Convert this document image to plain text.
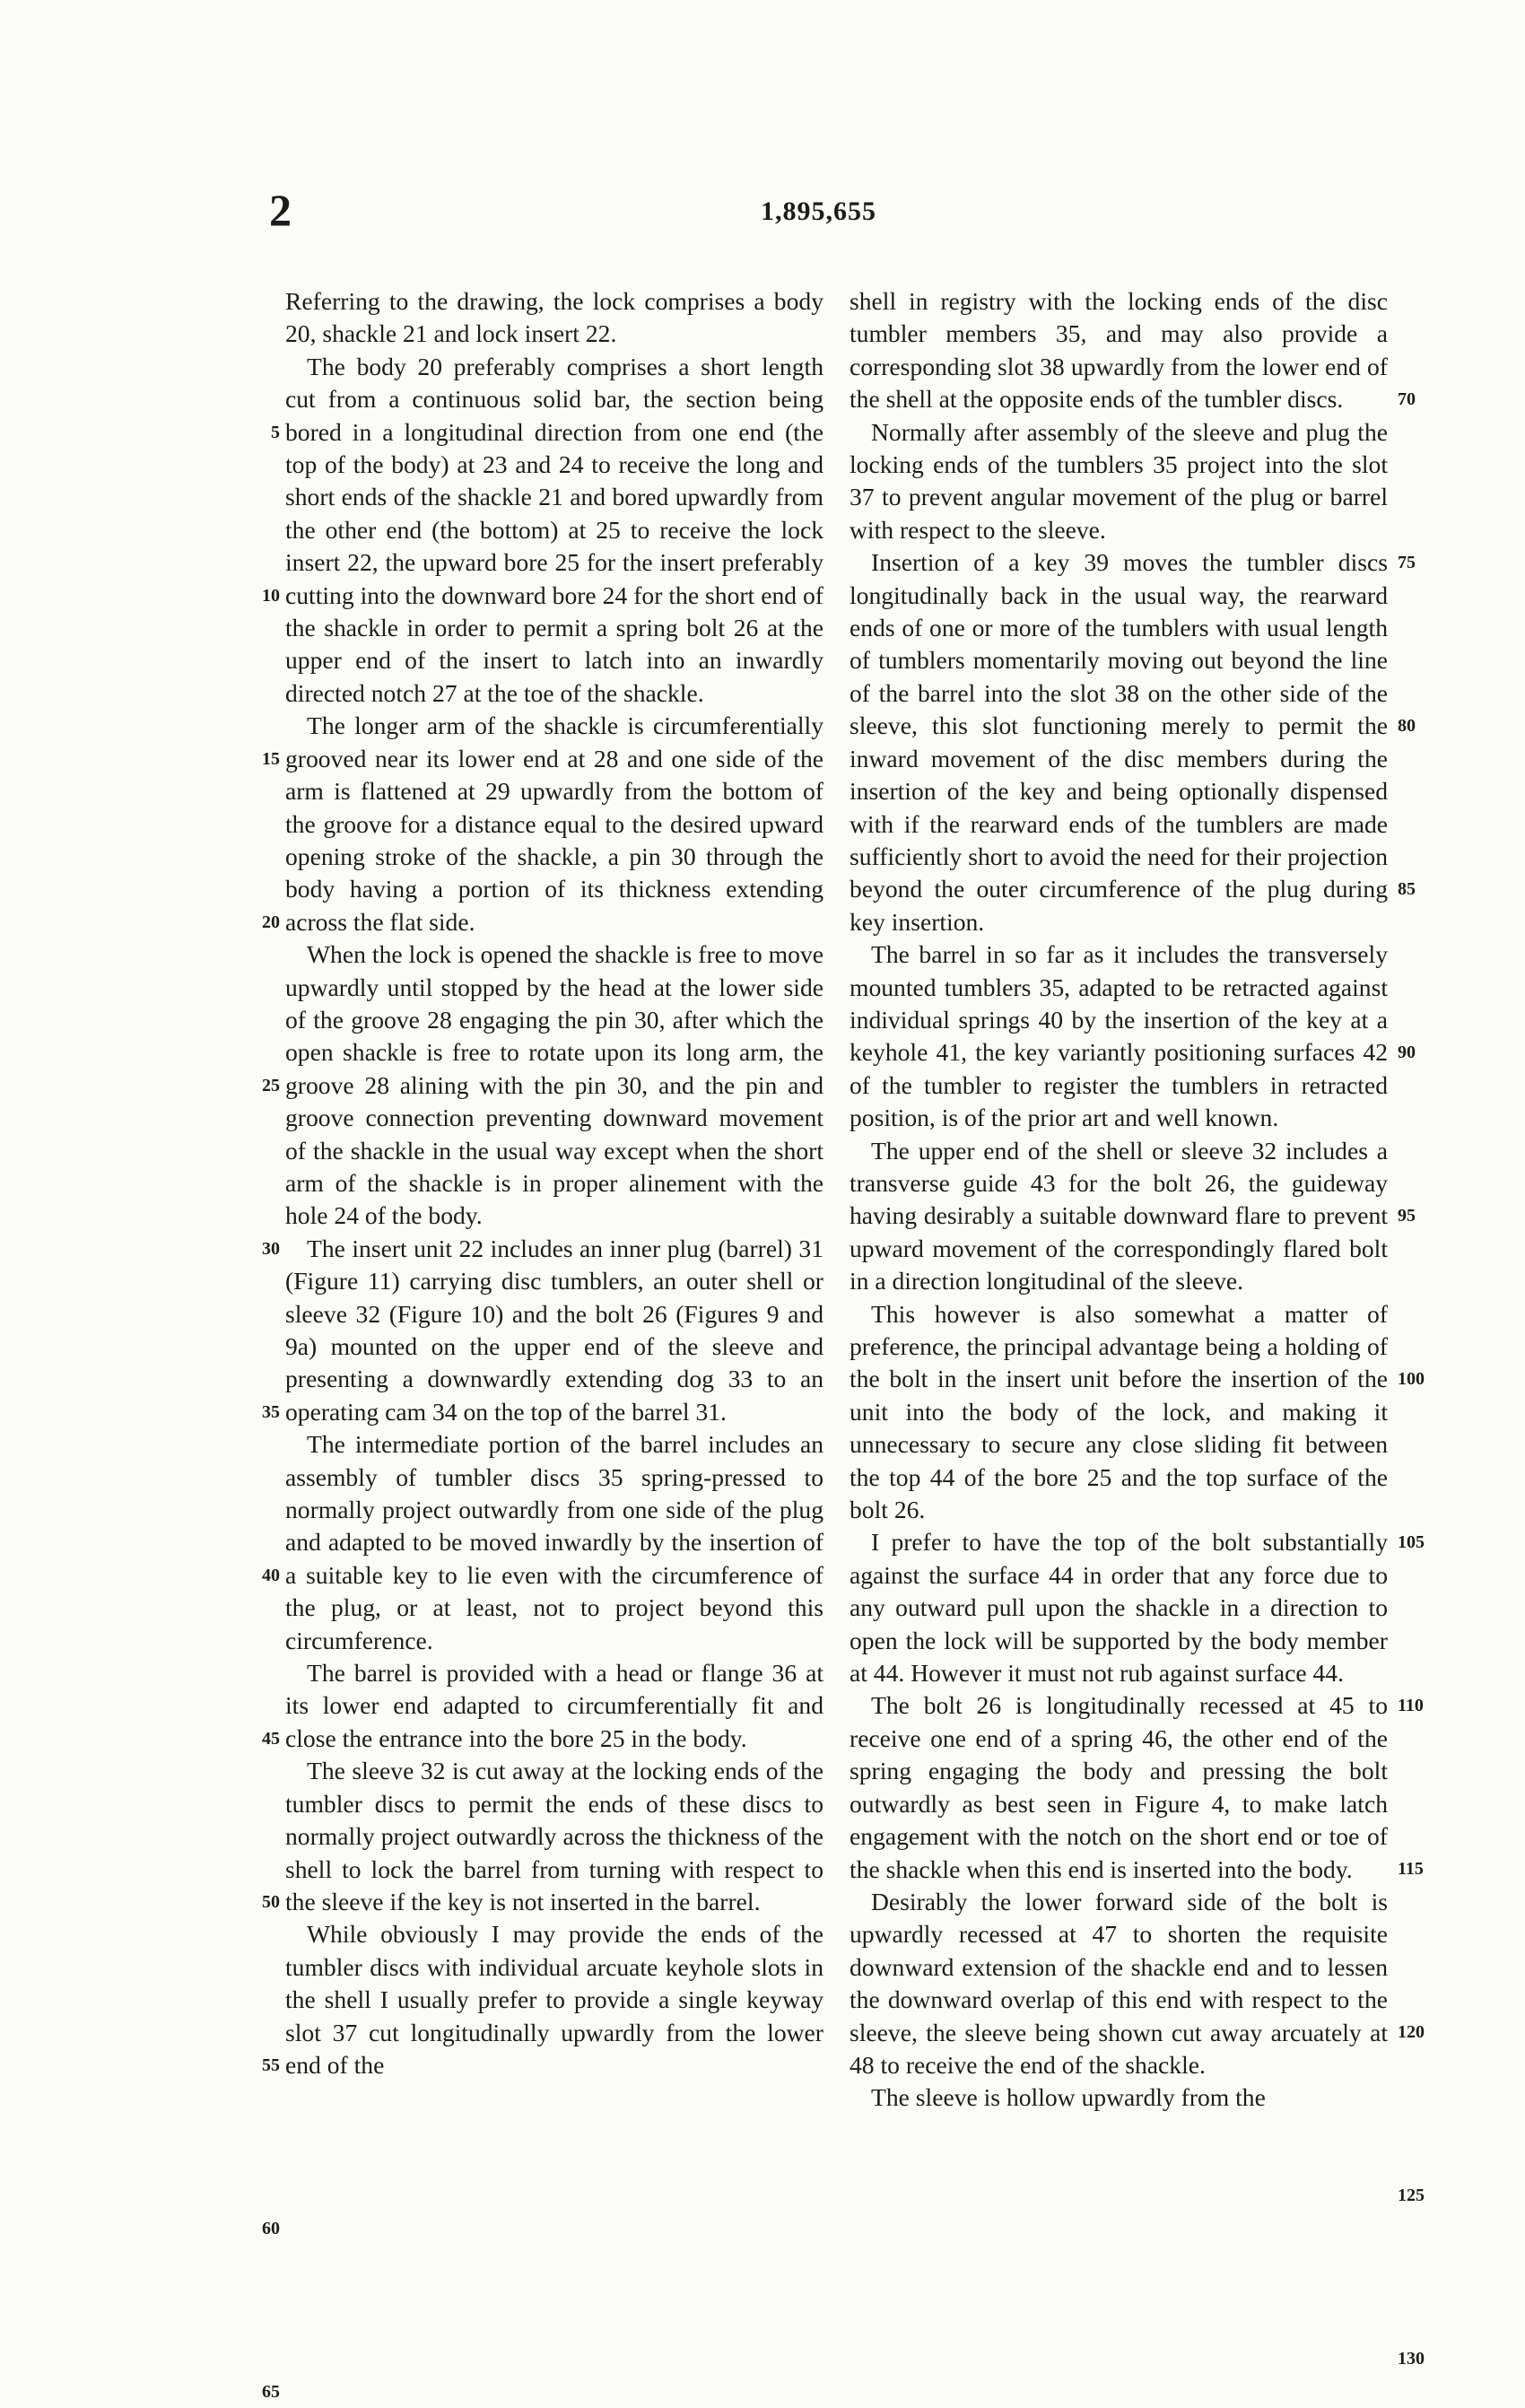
2	1,895,655

Referring to the drawing, the lock comprises a body 20, shackle 21 and lock insert 22.

The body 20 preferably comprises a short length cut from a continuous solid bar, the section being bored in a longitudinal direction from one end (the top of the body) at 23 and 24 to receive the long and short ends of the shackle 21 and bored upwardly from the other end (the bottom) at 25 to receive the lock insert 22, the upward bore 25 for the insert preferably cutting into the downward bore 24 for the short end of the shackle in order to permit a spring bolt 26 at the upper end of the insert to latch into an inwardly directed notch 27 at the toe of the shackle.

The longer arm of the shackle is circumferentially grooved near its lower end at 28 and one side of the arm is flattened at 29 upwardly from the bottom of the groove for a distance equal to the desired upward opening stroke of the shackle, a pin 30 through the body having a portion of its thickness extending across the flat side.

When the lock is opened the shackle is free to move upwardly until stopped by the head at the lower side of the groove 28 engaging the pin 30, after which the open shackle is free to rotate upon its long arm, the groove 28 alining with the pin 30, and the pin and groove connection preventing downward movement of the shackle in the usual way except when the short arm of the shackle is in proper alinement with the hole 24 of the body.

The insert unit 22 includes an inner plug (barrel) 31 (Figure 11) carrying disc tumblers, an outer shell or sleeve 32 (Figure 10) and the bolt 26 (Figures 9 and 9a) mounted on the upper end of the sleeve and presenting a downwardly extending dog 33 to an operating cam 34 on the top of the barrel 31.

The intermediate portion of the barrel includes an assembly of tumbler discs 35 spring-pressed to normally project outwardly from one side of the plug and adapted to be moved inwardly by the insertion of a suitable key to lie even with the circumference of the plug, or at least, not to project beyond this circumference.

The barrel is provided with a head or flange 36 at its lower end adapted to circumferentially fit and close the entrance into the bore 25 in the body.

The sleeve 32 is cut away at the locking ends of the tumbler discs to permit the ends of these discs to normally project outwardly across the thickness of the shell to lock the barrel from turning with respect to the sleeve if the key is not inserted in the barrel.

While obviously I may provide the ends of the tumbler discs with individual arcuate keyhole slots in the shell I usually prefer to provide a single keyway slot 37 cut longitudinally upwardly from the lower end of the

shell in registry with the locking ends of the disc tumbler members 35, and may also provide a corresponding slot 38 upwardly from the lower end of the shell at the opposite ends of the tumbler discs.

Normally after assembly of the sleeve and plug the locking ends of the tumblers 35 project into the slot 37 to prevent angular movement of the plug or barrel with respect to the sleeve.

Insertion of a key 39 moves the tumbler discs longitudinally back in the usual way, the rearward ends of one or more of the tumblers with usual length of tumblers momentarily moving out beyond the line of the barrel into the slot 38 on the other side of the sleeve, this slot functioning merely to permit the inward movement of the disc members during the insertion of the key and being optionally dispensed with if the rearward ends of the tumblers are made sufficiently short to avoid the need for their projection beyond the outer circumference of the plug during key insertion.

The barrel in so far as it includes the transversely mounted tumblers 35, adapted to be retracted against individual springs 40 by the insertion of the key at a keyhole 41, the key variantly positioning surfaces 42 of the tumbler to register the tumblers in retracted position, is of the prior art and well known.

The upper end of the shell or sleeve 32 includes a transverse guide 43 for the bolt 26, the guideway having desirably a suitable downward flare to prevent upward movement of the correspondingly flared bolt in a direction longitudinal of the sleeve.

This however is also somewhat a matter of preference, the principal advantage being a holding of the bolt in the insert unit before the insertion of the unit into the body of the lock, and making it unnecessary to secure any close sliding fit between the top 44 of the bore 25 and the top surface of the bolt 26.

I prefer to have the top of the bolt substantially against the surface 44 in order that any force due to any outward pull upon the shackle in a direction to open the lock will be supported by the body member at 44. However it must not rub against surface 44.

The bolt 26 is longitudinally recessed at 45 to receive one end of a spring 46, the other end of the spring engaging the body and pressing the bolt outwardly as best seen in Figure 4, to make latch engagement with the notch on the short end or toe of the shackle when this end is inserted into the body.

Desirably the lower forward side of the bolt is upwardly recessed at 47 to shorten the requisite downward extension of the shackle end and to lessen the downward overlap of this end with respect to the sleeve, the sleeve being shown cut away arcuately at 48 to receive the end of the shackle.

The sleeve is hollow upwardly from the

5
10
15
20
25
30
35
40
45
50
55
60
65
70
75
80
85
90
95
100
105
110
115
120
125
130
